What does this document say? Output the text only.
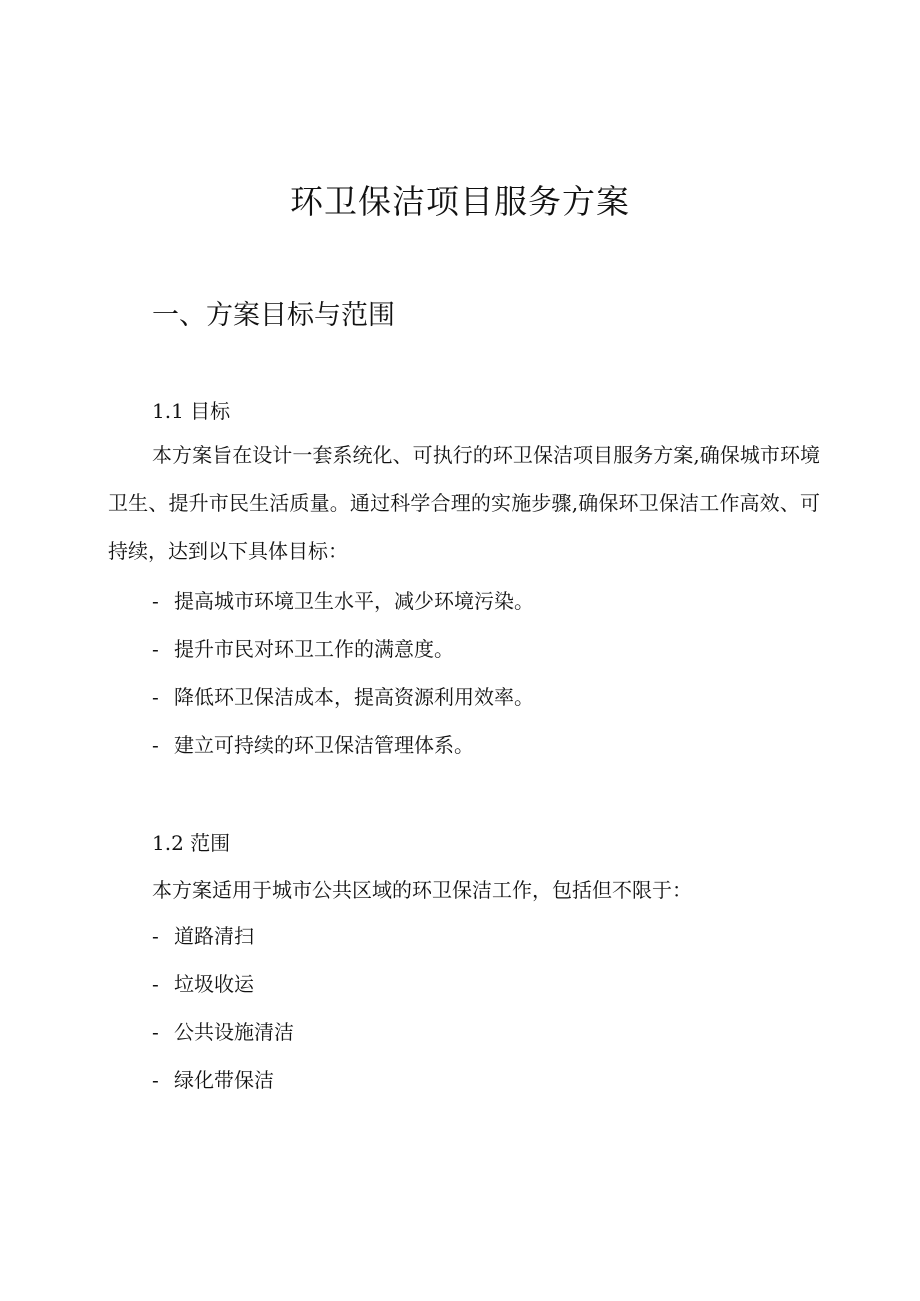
环卫保洁项目服务方案
一、方案目标与范围
1.1 目标

本方案旨在设计一套系统化、可执行的环卫保洁项目服务方案,确保城市环境卫生、提升市民生活质量。通过科学合理的实施步骤,确保环卫保洁工作高效、可持续，达到以下具体目标：

- 提高城市环境卫生水平，减少环境污染。
- 提升市民对环卫工作的满意度。
- 降低环卫保洁成本，提高资源利用效率。
- 建立可持续的环卫保洁管理体系。
1.2 范围

本方案适用于城市公共区域的环卫保洁工作，包括但不限于：

- 道路清扫
- 垃圾收运
- 公共设施清洁
- 绿化带保洁
